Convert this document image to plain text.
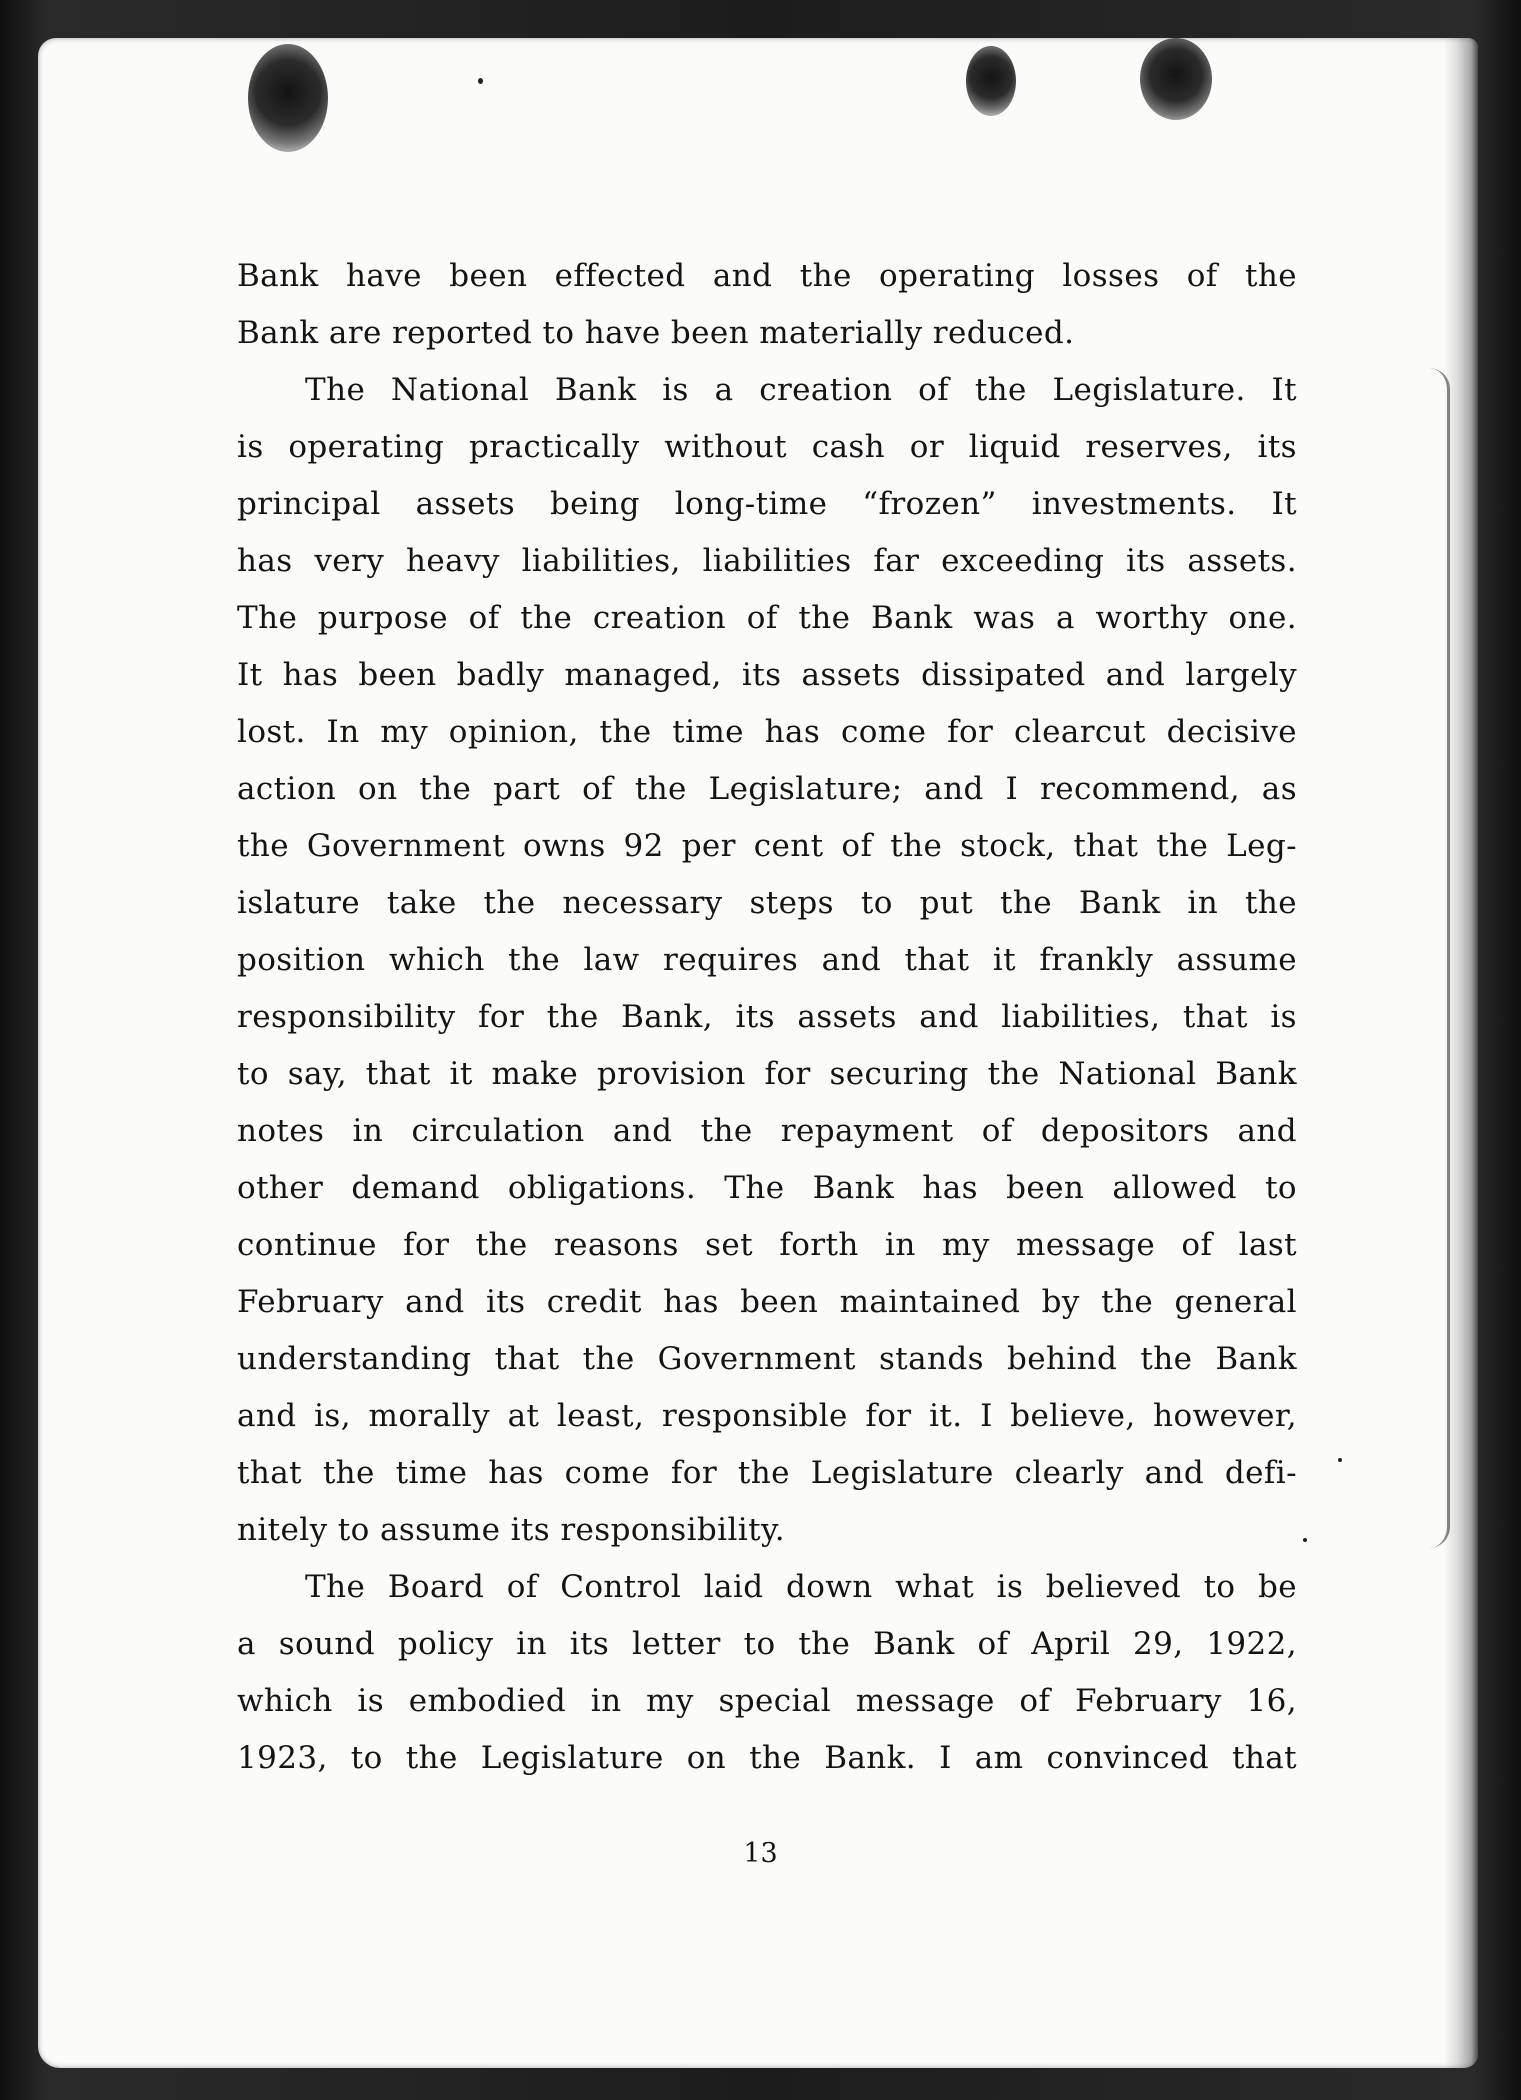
Bank have been effected and the operating losses of the
Bank are reported to have been materially reduced.
The National Bank is a creation of the Legislature. It
is operating practically without cash or liquid reserves, its
principal assets being long-time “frozen” investments. It
has very heavy liabilities, liabilities far exceeding its assets.
The purpose of the creation of the Bank was a worthy one.
It has been badly managed, its assets dissipated and largely
lost. In my opinion, the time has come for clearcut decisive
action on the part of the Legislature; and I recommend, as
the Government owns 92 per cent of the stock, that the Leg-
islature take the necessary steps to put the Bank in the
position which the law requires and that it frankly assume
responsibility for the Bank, its assets and liabilities, that is
to say, that it make provision for securing the National Bank
notes in circulation and the repayment of depositors and
other demand obligations. The Bank has been allowed to
continue for the reasons set forth in my message of last
February and its credit has been maintained by the general
understanding that the Government stands behind the Bank
and is, morally at least, responsible for it. I believe, however,
that the time has come for the Legislature clearly and defi-
nitely to assume its responsibility.
The Board of Control laid down what is believed to be
a sound policy in its letter to the Bank of April 29, 1922,
which is embodied in my special message of February 16,
1923, to the Legislature on the Bank. I am convinced that
13
